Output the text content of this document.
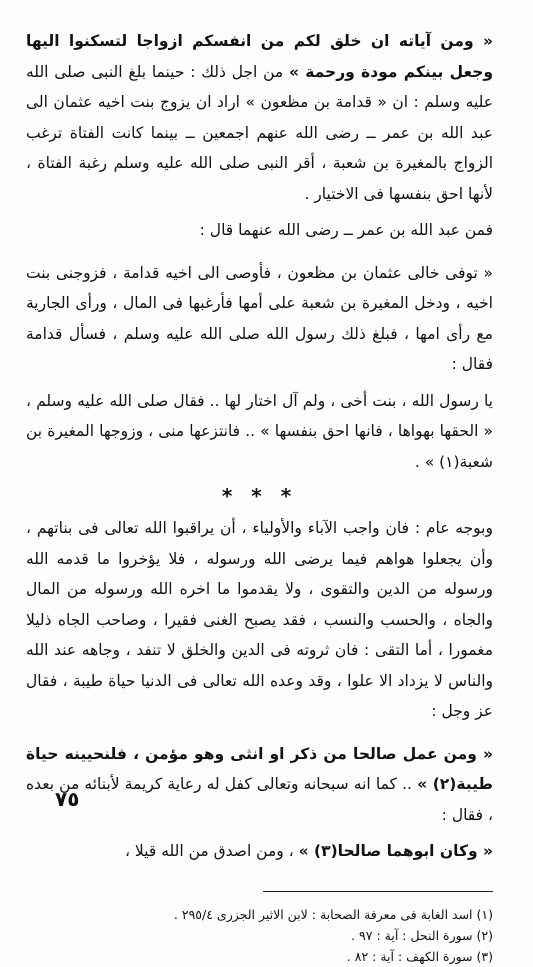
« ومن آياته ان خلق لكم من انفسكم ازواجا لتسكنوا اليها وجعل بينكم مودة ورحمة » من اجل ذلك : حينما بلغ النبى صلى الله عليه وسلم : ان « قدامة بن مظعون » اراد ان يزوج بنت اخيه عثمان الى عبد الله بن عمر ــ رضى الله عنهم اجمعين ــ بينما كانت الفتاة ترغب الزواج بالمغيرة بن شعبة ، أقر النبى صلى الله عليه وسلم رغبة الفتاة ، لأنها احق بنفسها فى الاختيار .

فمن عبد الله بن عمر ــ رضى الله عنهما قال :

« توفى خالى عثمان بن مظعون ، فأوصى الى اخيه قدامة ، فزوجنى بنت اخيه ، ودخل المغيرة بن شعبة على أمها فأرغبها فى المال ، ورأى الجارية مع رأى امها ، فبلغ ذلك رسول الله صلى الله عليه وسلم ، فسأل قدامة فقال :

يا رسول الله ، بنت أخى ، ولم آل اختار لها .. فقال صلى الله عليه وسلم ، « الحقها بهواها ، فانها احق بنفسها » .. فانتزعها منى ، وزوجها المغيرة بن شعبة(١) » .

* * *

وبوجه عام : فان واجب الآباء والأولياء ، أن يراقبوا الله تعالى فى بناتهم ، وأن يجعلوا هواهم فيما يرضى الله ورسوله ، فلا يؤخروا ما قدمه الله ورسوله من الدين والتقوى ، ولا يقدموا ما اخره الله ورسوله من المال والجاه ، والحسب والنسب ، فقد يصبح الغنى فقيرا ، وصاحب الجاه ذليلا مغمورا ، أما التقى : فان ثروته فى الدين والخلق لا تنفد ، وجاهه عند الله والناس لا يزداد الا علوا ، وقد وعده الله تعالى فى الدنيا حياة طيبة ، فقال عز وجل :

« ومن عمل صالحا من ذكر او انثى وهو مؤمن ، فلنحيينه حياة طيبة(٢) » .. كما انه سبحانه وتعالى كفل له رعاية كريمة لأبنائه من بعده ، فقال :

« وكان ابوهما صالحا(٣) » ، ومن اصدق من الله قيلا ،

(١) اسد الغابة فى معرفة الصحابة : لابن الاثير الجزرى ٢٩٥/٤ .
(٢) سورة النحل : آية : ٩٧ .
(٣) سورة الكهف : آية : ٨٢ .
٧٥
